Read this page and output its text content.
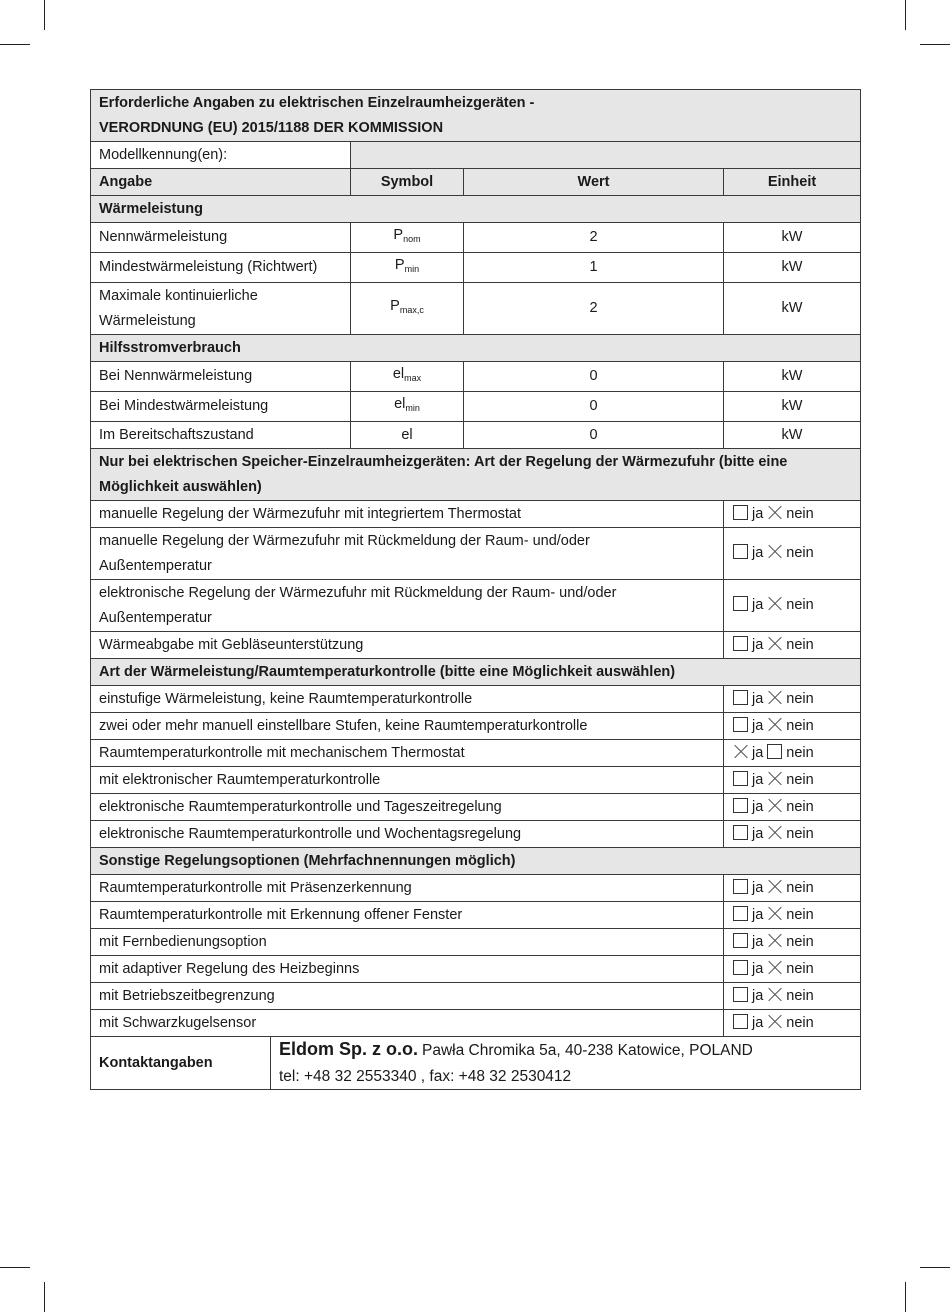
Erforderliche Angaben zu elektrischen Einzelraumheizgeräten -
VERORDNUNG (EU) 2015/1188 DER KOMMISSION				

Modellkennung(en):				
Angabe		Symbol	Wert	Einheit
Wärmeleistung				
Nennwärmeleistung		$P_{nom}$	2	kW
Mindestwärmeleistung (Richtwert)		$P_{min}$	1	kW

Maximale kontinuierliche
Wärmeleistung		$P_{max,c}$	2	kW
Hilfsstromverbrauch				
Bei Nennwärmeleistung		$el_{max}$	0	kW
Bei Mindestwärmeleistung		$el_{min}$	0	kW
Im Bereitschaftszustand		el	0	kW

Nur bei elektrischen Speicher-Einzelraumheizgeräten: Art der Regelung der Wärmezufuhr (bitte eine
Möglichkeit auswählen)				

manuelle Regelung der Wärmezufuhr mit integriertem Thermostat				ja nein

manuelle Regelung der Wärmezufuhr mit Rückmeldung der Raum- und/oder
Außentemperatur				ja nein

elektronische Regelung der Wärmezufuhr mit Rückmeldung der Raum- und/oder
Außentemperatur				ja nein
Wärmeabgabe mit Gebläseunterstützung				ja nein
Art der Wärmeleistung/Raumtemperaturkontrolle (bitte eine Möglichkeit auswählen)				
einstufige Wärmeleistung, keine Raumtemperaturkontrolle				ja nein
zwei oder mehr manuell einstellbare Stufen, keine Raumtemperaturkontrolle				ja nein
Raumtemperaturkontrolle mit mechanischem Thermostat				ja nein
mit elektronischer Raumtemperaturkontrolle				ja nein
elektronische Raumtemperaturkontrolle und Tageszeitregelung				ja nein
elektronische Raumtemperaturkontrolle und Wochentagsregelung				ja nein
Sonstige Regelungsoptionen (Mehrfachnennungen möglich)				
Raumtemperaturkontrolle mit Präsenzerkennung				ja nein
Raumtemperaturkontrolle mit Erkennung offener Fenster				ja nein
mit Fernbedienungsoption				ja nein
mit adaptiver Regelung des Heizbeginns				ja nein
mit Betriebszeitbegrenzung				ja nein
mit Schwarzkugelsensor				ja nein
Kontaktangaben	Eldom Sp. z o.o. Pawła Chromika 5a, 40-238 Katowice, POLAND
tel: +48 32 2553340 , fax: +48 32 2530412			
